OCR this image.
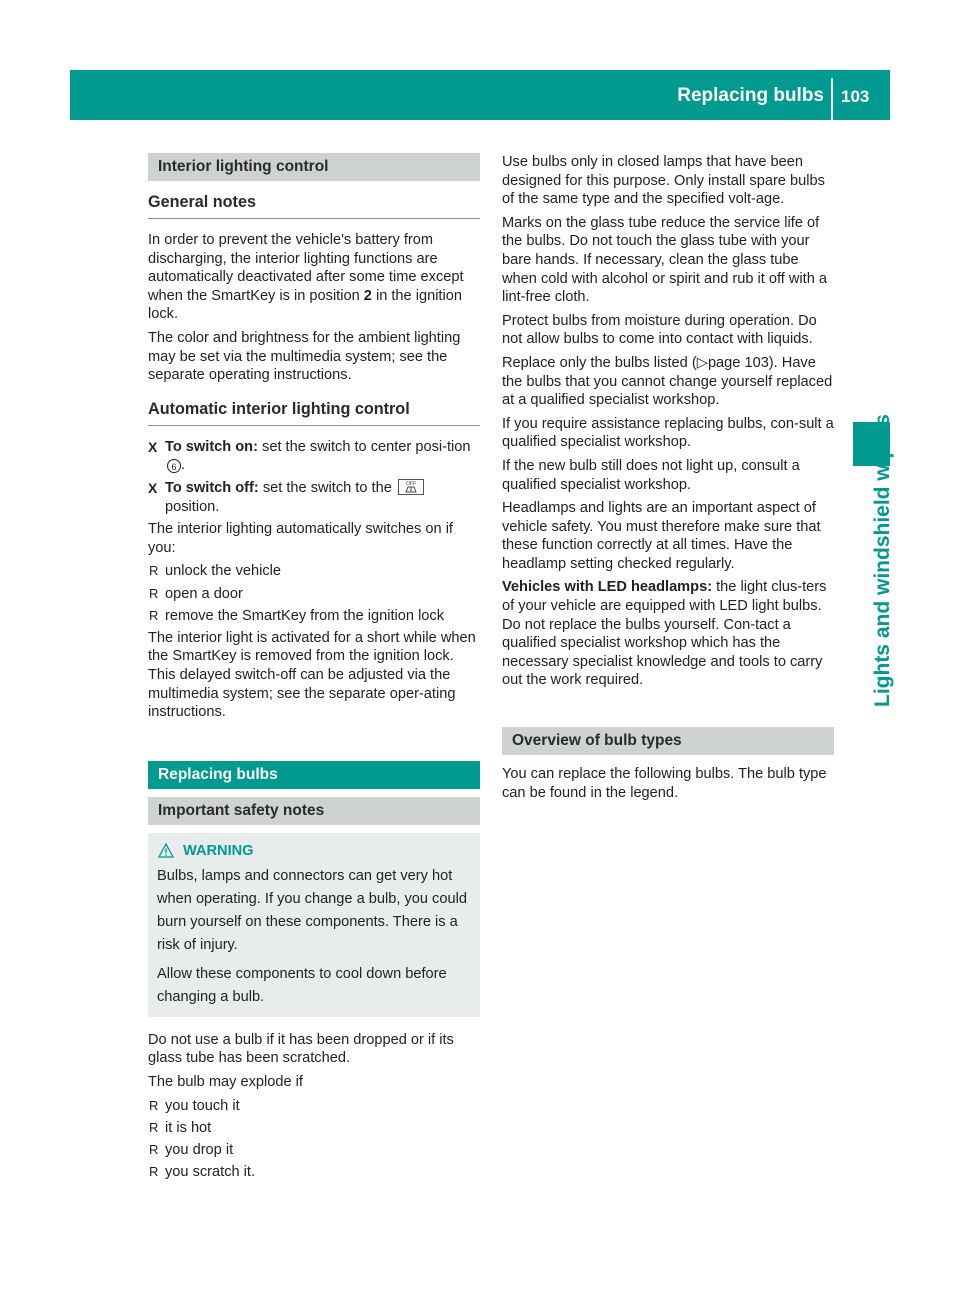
Replacing bulbs 103
Lights and windshield wipers
Interior lighting control
General notes

In order to prevent the vehicle's battery from discharging, the interior lighting functions are automatically deactivated after some time except when the SmartKey is in position 2 in the ignition lock.

The color and brightness for the ambient lighting may be set via the multimedia system; see the separate operating instructions.

Automatic interior lighting control
X To switch on: set the switch to center posi-tion 6 .
X To switch off: set the switch to the	OFF

position.

The interior lighting automatically switches on if you:

R unlock the vehicle
R open a door
R remove the SmartKey from the ignition lock

The interior light is activated for a short while when the SmartKey is removed from the ignition lock. This delayed switch-off can be adjusted via the multimedia system; see the separate oper-ating instructions.

Replacing bulbs
Important safety notes
WARNING

Bulbs, lamps and connectors can get very hot when operating. If you change a bulb, you could burn yourself on these components. There is a risk of injury.

Allow these components to cool down before changing a bulb.

Do not use a bulb if it has been dropped or if its glass tube has been scratched.

The bulb may explode if

R you touch it
R it is hot
R you drop it
R you scratch it.

Use bulbs only in closed lamps that have been designed for this purpose. Only install spare bulbs of the same type and the specified volt-age.

Marks on the glass tube reduce the service life of the bulbs. Do not touch the glass tube with your bare hands. If necessary, clean the glass tube when cold with alcohol or spirit and rub it off with a lint-free cloth.

Protect bulbs from moisture during operation. Do not allow bulbs to come into contact with liquids.

Replace only the bulbs listed (▷page 103). Have the bulbs that you cannot change yourself replaced at a qualified specialist workshop.

If you require assistance replacing bulbs, con-sult a qualified specialist workshop.

If the new bulb still does not light up, consult a qualified specialist workshop.

Headlamps and lights are an important aspect of vehicle safety. You must therefore make sure that these function correctly at all times. Have the headlamp setting checked regularly.

Vehicles with LED headlamps: the light clus-ters of your vehicle are equipped with LED light bulbs. Do not replace the bulbs yourself. Con-tact a qualified specialist workshop which has the necessary specialist knowledge and tools to carry out the work required.

Overview of bulb types

You can replace the following bulbs. The bulb type can be found in the legend.
